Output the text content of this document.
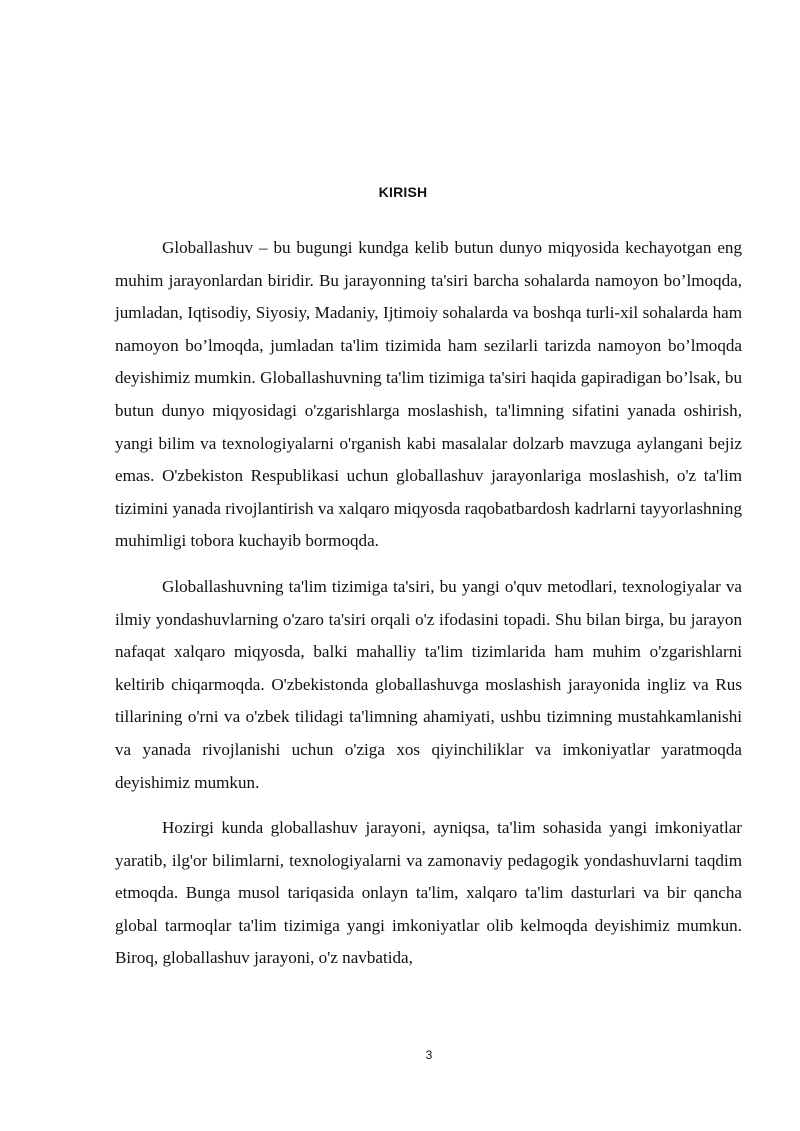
KIRISH

Globallashuv – bu bugungi kundga kelib butun dunyo miqyosida kechayotgan eng muhim jarayonlardan biridir. Bu jarayonning ta'siri barcha sohalarda namoyon bo’lmoqda, jumladan, Iqtisodiy, Siyosiy, Madaniy, Ijtimoiy sohalarda va boshqa turli-xil sohalarda ham namoyon bo’lmoqda, jumladan ta'lim tizimida ham sezilarli tarizda namoyon bo’lmoqda deyishimiz mumkin. Globallashuvning ta'lim tizimiga ta'siri haqida gapiradigan bo’lsak, bu butun dunyo miqyosidagi o'zgarishlarga moslashish, ta'limning sifatini yanada oshirish, yangi bilim va texnologiyalarni o'rganish kabi masalalar dolzarb mavzuga aylangani bejiz emas. O'zbekiston Respublikasi uchun globallashuv jarayonlariga moslashish, o'z ta'lim tizimini yanada rivojlantirish va xalqaro miqyosda raqobatbardosh kadrlarni tayyorlashning muhimligi tobora kuchayib bormoqda.

Globallashuvning ta'lim tizimiga ta'siri, bu yangi o'quv metodlari, texnologiyalar va ilmiy yondashuvlarning o'zaro ta'siri orqali o'z ifodasini topadi. Shu bilan birga, bu jarayon nafaqat xalqaro miqyosda, balki mahalliy ta'lim tizimlarida ham muhim o'zgarishlarni keltirib chiqarmoqda. O'zbekistonda globallashuvga moslashish jarayonida ingliz va Rus tillarining o'rni va o'zbek tilidagi ta'limning ahamiyati, ushbu tizimning mustahkamlanishi va yanada rivojlanishi uchun o'ziga xos qiyinchiliklar va imkoniyatlar yaratmoqda deyishimiz mumkun.

Hozirgi kunda globallashuv jarayoni, ayniqsa, ta'lim sohasida yangi imkoniyatlar yaratib, ilg'or bilimlarni, texnologiyalarni va zamonaviy pedagogik yondashuvlarni taqdim etmoqda. Bunga musol tariqasida onlayn ta'lim, xalqaro ta'lim dasturlari va bir qancha global tarmoqlar ta'lim tizimiga yangi imkoniyatlar olib kelmoqda deyishimiz mumkun. Biroq, globallashuv jarayoni, o'z navbatida,

3
